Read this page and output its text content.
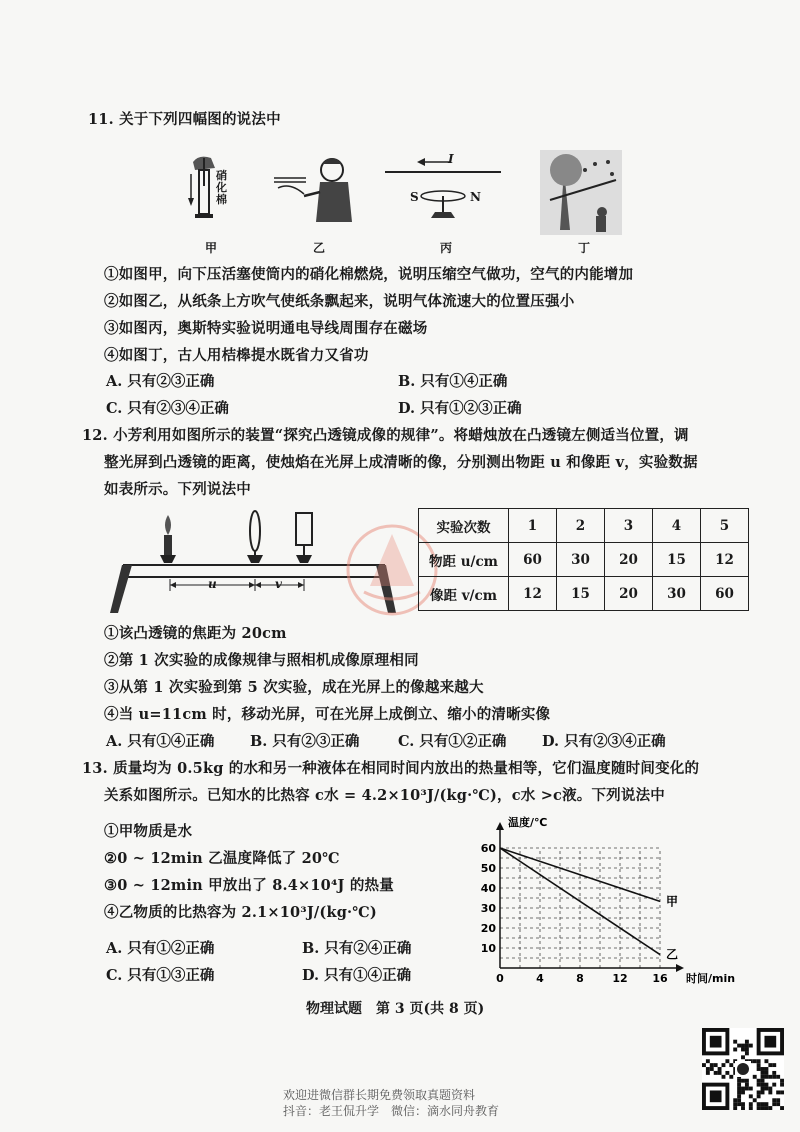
11. 关于下列四幅图的说法中
硝化棉
甲	乙
I
S	N
丙	丁
①如图甲，向下压活塞使筒内的硝化棉燃烧，说明压缩空气做功，空气的内能增加
②如图乙，从纸条上方吹气使纸条飘起来，说明气体流速大的位置压强小
③如图丙，奥斯特实验说明通电导线周围存在磁场
④如图丁，古人用桔槔提水既省力又省功
A. 只有②③正确	B. 只有①④正确
C. 只有②③④正确	D. 只有①②③正确
12. 小芳利用如图所示的装置“探究凸透镜成像的规律”。将蜡烛放在凸透镜左侧适当位置，调
整光屏到凸透镜的距离，使烛焰在光屏上成清晰的像，分别测出物距 u 和像距 v，实验数据
如表所示。下列说法中
u	v
实验次数	1	2	3	4	5
物距 u/cm	60	30	20	15	12
像距 v/cm	12	15	20	30	60
①该凸透镜的焦距为 20cm
②第 1 次实验的成像规律与照相机成像原理相同
③从第 1 次实验到第 5 次实验，成在光屏上的像越来越大
④当 u=11cm 时，移动光屏，可在光屏上成倒立、缩小的清晰实像
A. 只有①④正确 B. 只有②③正确	C. 只有①②正确 D. 只有②③④正确
13. 质量均为 0.5kg 的水和另一种液体在相同时间内放出的热量相等，它们温度随时间变化的
关系如图所示。已知水的比热容 c水 = 4.2×10³J/(kg·℃)，c水 >c液。下列说法中
①甲物质是水
②0 ~ 12min 乙温度降低了 20℃
③0 ~ 12min 甲放出了 8.4×10⁴J 的热量
④乙物质的比热容为 2.1×10³J/(kg·℃)
A. 只有①②正确	B. 只有②④正确
C. 只有①③正确	D. 只有①④正确	0	4	8	12 16
10
20
30
40
50
60
时间/min
温度/℃
甲
乙
物理试题　第 3 页(共 8 页)
欢迎进微信群长期免费领取真题资料
抖音：老王侃升学　微信：滴水同舟教育
